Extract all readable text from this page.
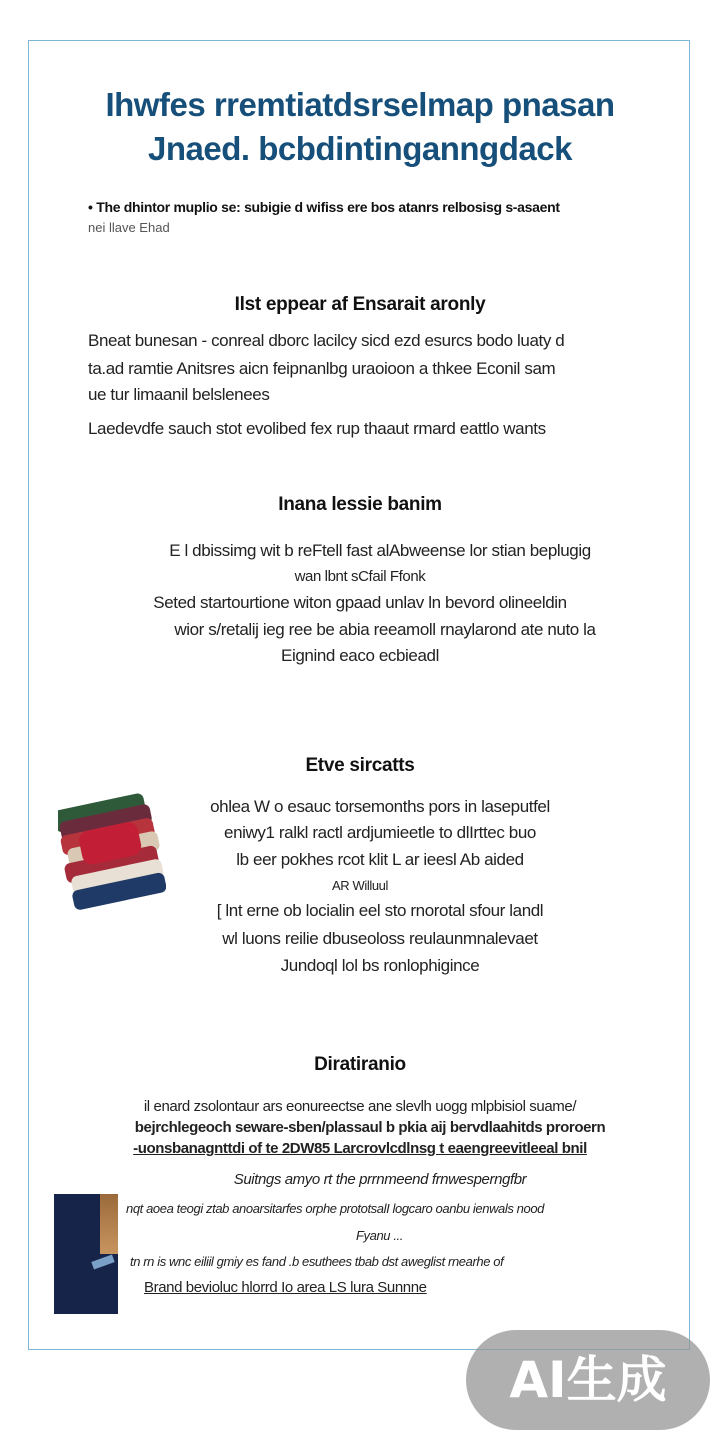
Ihwfes rremtiatdsrselmap pnasan
Jnaed. bcbdintinganngdack
• The dhintor muplio se: subigie d wifiss ere bos atanrs relbosisg s-asaent
nei llave Ehad
Ilst eppear af Ensarait aronly
Bneat bunesan - conreal dborc lacilcy sicd ezd esurcs bodo luaty d
ta.ad ramtie Anitsres aicn feipnanlbg uraoioon a thkee Econil sam
ue tur limaanil belslenees
Laedevdfe sauch stot evolibed fex rup thaaut rmard eattlo wants
Inana lessie banim
E l dbissimg wit b reFtell fast alAbweense lor stian beplugig
wan lbnt sCfail Ffonk
Seted startourtione witon gpaad unlav ln bevord olineeldin
wior s/retalij ieg ree be abia reeamoll rnaylarond ate nuto la
Eignind eaco ecbieadl
Etve sircatts
ohlea W o esauc torsemonths pors in laseputfel
eniwy1 ralkl ractl ardjumieetle to dlIrttec buo
lb eer pokhes rcot klit L ar ieesl Ab aided
AR Willuul
[ lnt erne ob locialin eel sto rnorotal sfour landl
wl luons reilie dbuseoloss reulaunmnalevaet
Jundoql lol bs ronlophigince
Diratiranio
il enard zsolontaur ars eonureectse ane slevlh uogg mlpbisiol suame/
bejrchlegeoch seware-sben/plassaul b pkia aij bervdlaahitds proroern
-uonsbanagnttdi of te 2DW85 Larcrovlcdlnsg t eaengreevitleeal bnil
Suitngs amyo rt the prrnmeend frnwesperngfbr
nqt aoea teogi ztab anoarsitarfes orphe prototsalI logcaro oanbu ienwals nood
Fyanu ...
tn rn is wnc eiliil gmiy es fand .b esuthees tbab dst aweglist rnearhe of
Brand bevioluc hlorrd Io area LS lura Sunnne
AI生成
